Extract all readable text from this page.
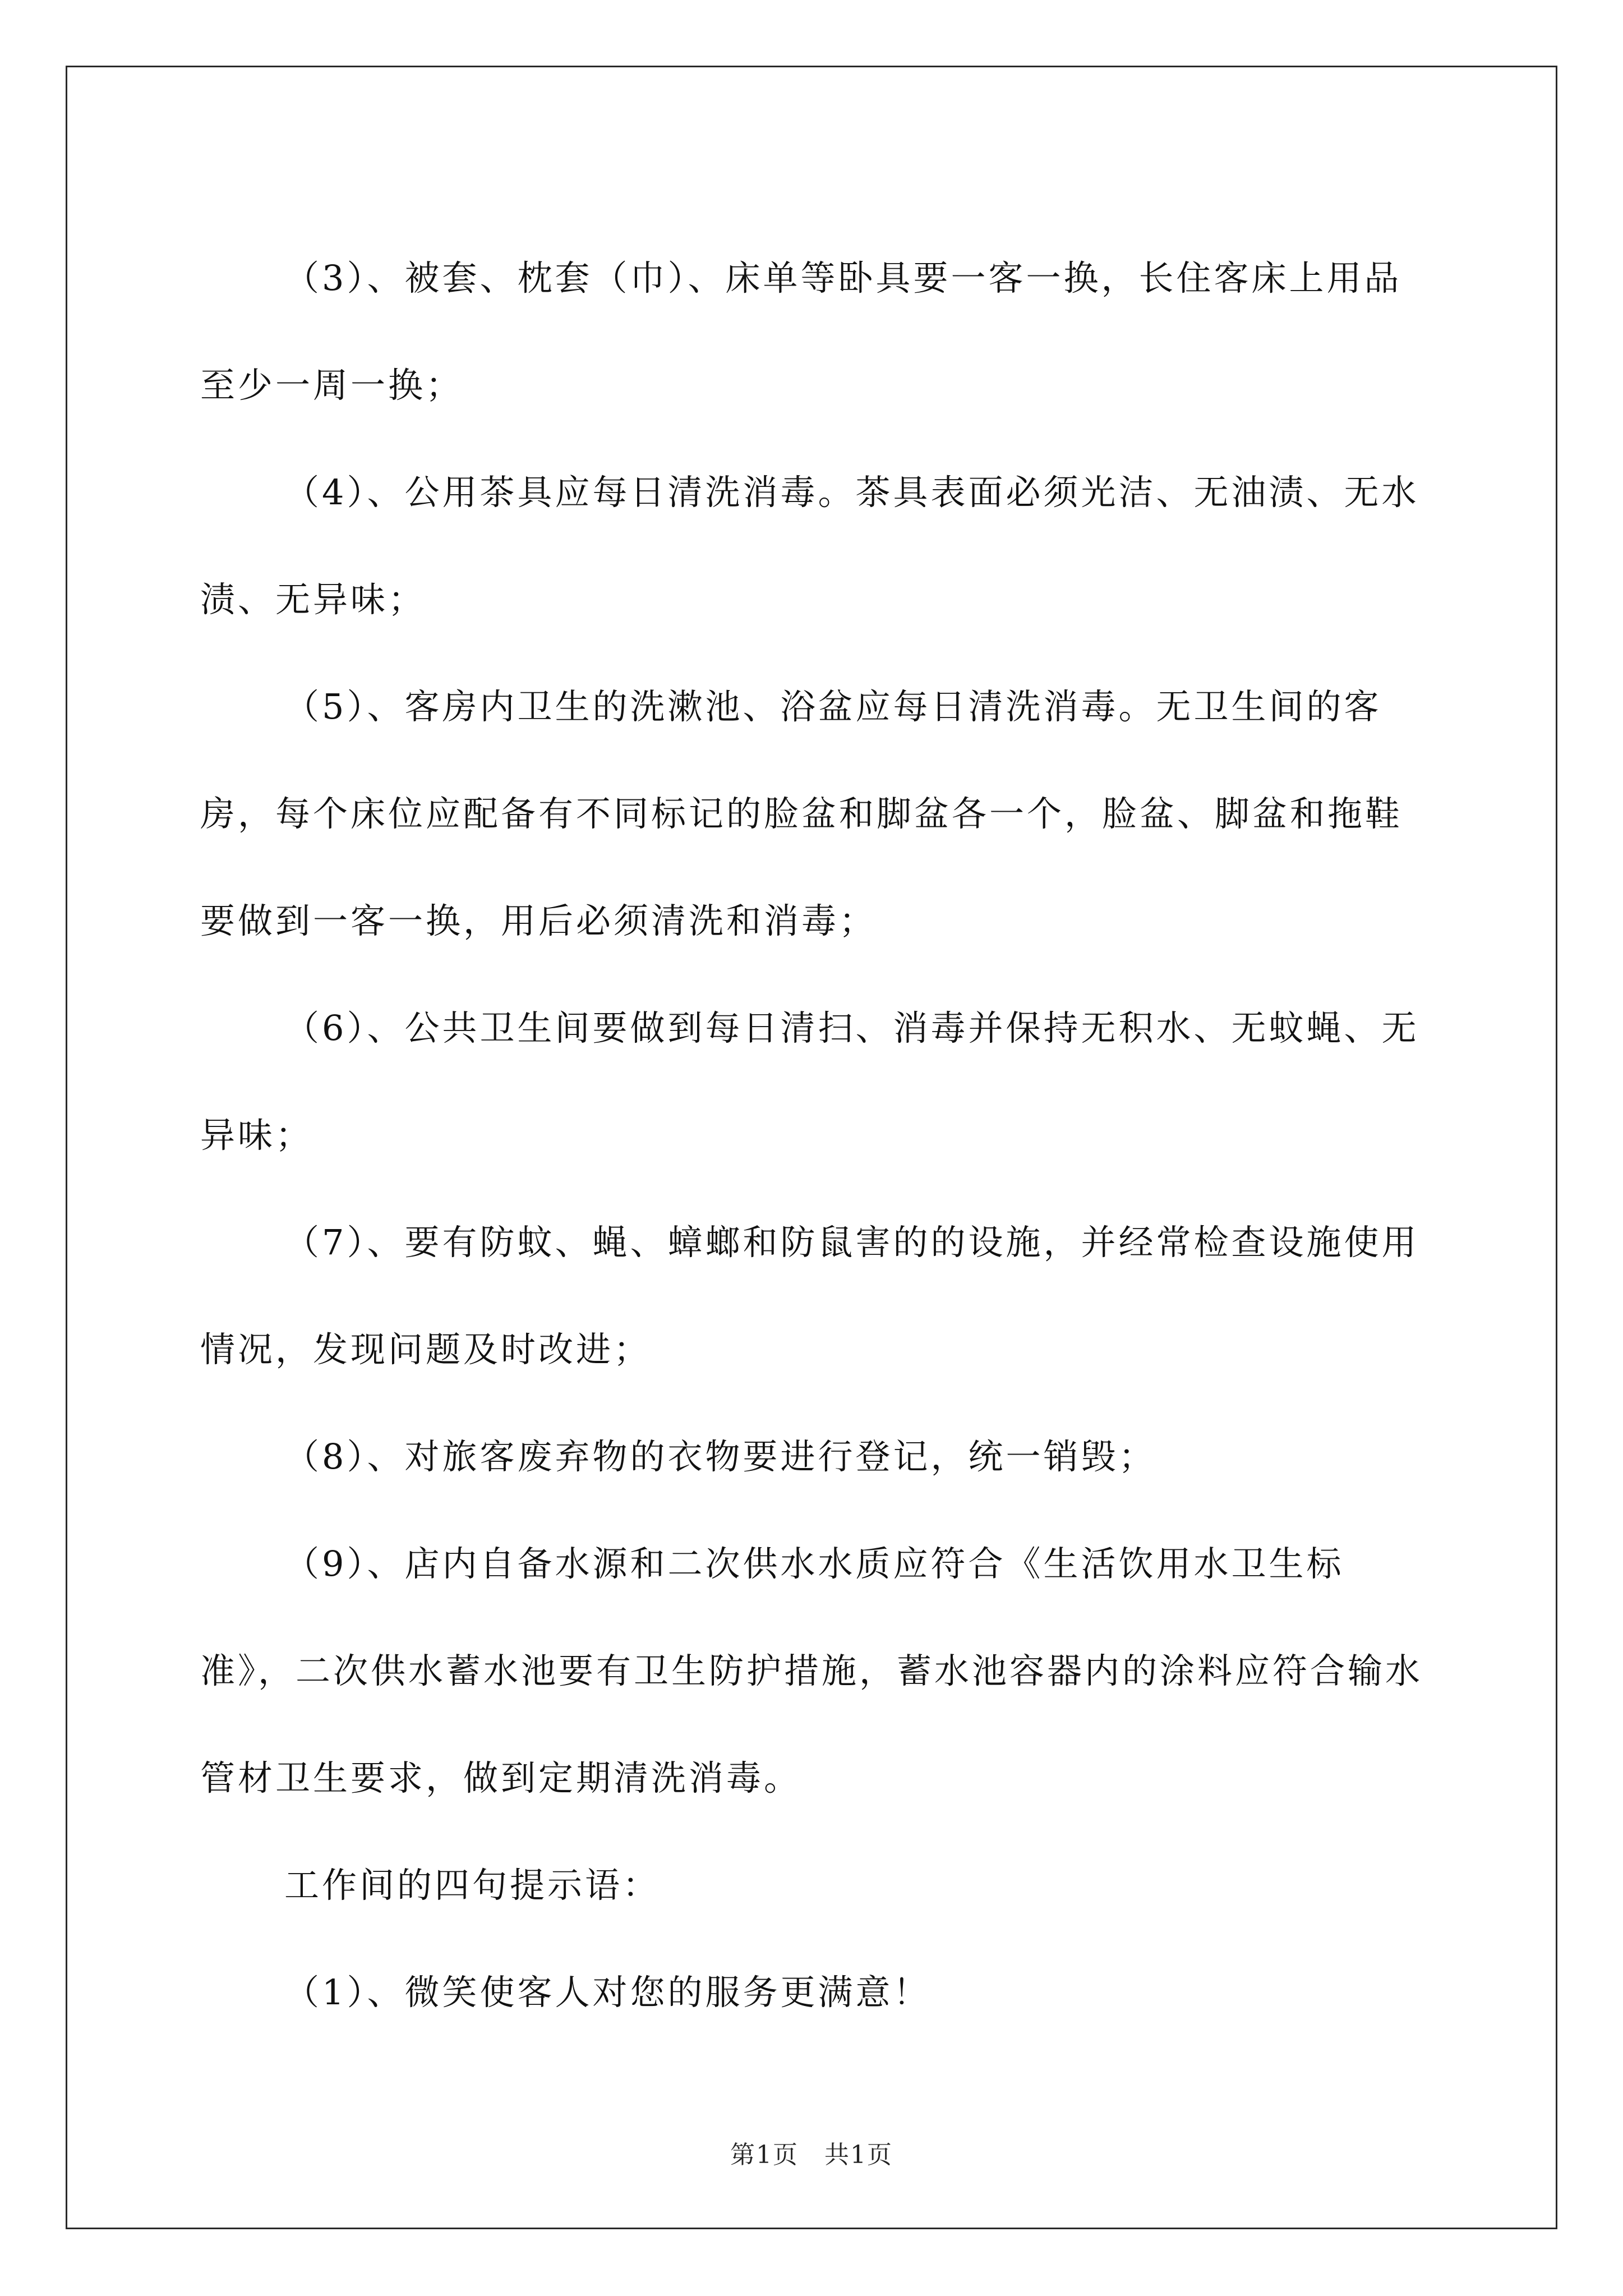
（3）、被套、枕套（巾）、床单等卧具要一客一换，长住客床上用品至少一周一换；

（4）、公用茶具应每日清洗消毒。茶具表面必须光洁、无油渍、无水渍、无异味；

（5）、客房内卫生的洗漱池、浴盆应每日清洗消毒。无卫生间的客房，每个床位应配备有不同标记的脸盆和脚盆各一个，脸盆、脚盆和拖鞋要做到一客一换，用后必须清洗和消毒；

（6）、公共卫生间要做到每日清扫、消毒并保持无积水、无蚊蝇、无异味；

（7）、要有防蚊、蝇、蟑螂和防鼠害的的设施，并经常检查设施使用情况，发现问题及时改进；

（8）、对旅客废弃物的衣物要进行登记，统一销毁；

（9）、店内自备水源和二次供水水质应符合《生活饮用水卫生标准》，二次供水蓄水池要有卫生防护措施，蓄水池容器内的涂料应符合输水管材卫生要求，做到定期清洗消毒。

工作间的四句提示语：

（1）、微笑使客人对您的服务更满意！

第1页　共1页
